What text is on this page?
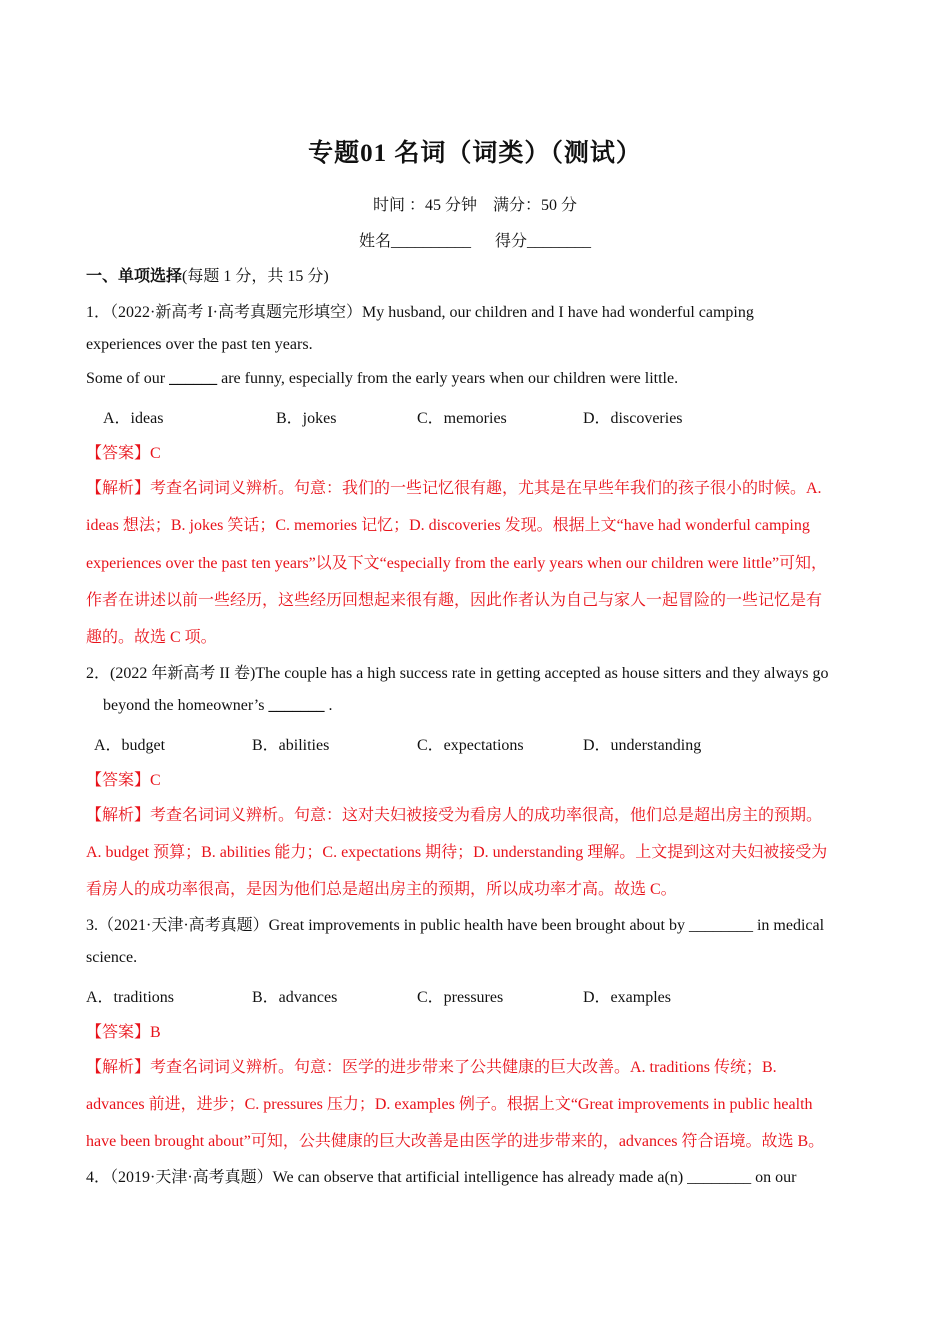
专题01 名词（词类）（测试）
时间 ：45 分钟　满分：50 分
姓名__________ 得分________
一、单项选择(每题 1 分，共 15 分)
1．（2022·新高考 I·高考真题完形填空）My husband, our children and I have had wonderful camping
experiences over the past ten years.
Some of our ______ are funny, especially from the early years when our children were little.
A．ideas	B．jokes	C．memories	D．discoveries
【答案】C
【解析】考查名词词义辨析。句意：我们的一些记忆很有趣，尤其是在早些年我们的孩子很小的时候。A.
ideas 想法；B. jokes 笑话；C. memories 记忆；D. discoveries 发现。根据上文“have had wonderful camping
experiences over the past ten years”以及下文“especially from the early years when our children were little”可知，
作者在讲述以前一些经历，这些经历回想起来很有趣，因此作者认为自己与家人一起冒险的一些记忆是有
趣的。故选 C 项。
2．(2022 年新高考 II 卷)The couple has a high success rate in getting accepted as house sitters and they always go
beyond the homeowner’s _______ .
A．budget	B．abilities	C．expectations	D．understanding
【答案】C
【解析】考查名词词义辨析。句意：这对夫妇被接受为看房人的成功率很高，他们总是超出房主的预期。
A. budget 预算；B. abilities 能力；C. expectations 期待；D. understanding 理解。上文提到这对夫妇被接受为
看房人的成功率很高，是因为他们总是超出房主的预期，所以成功率才高。故选 C。
3.（2021·天津·高考真题）Great improvements in public health have been brought about by ________ in medical
science.
A．traditions	B．advances	C．pressures	D．examples
【答案】B
【解析】考查名词词义辨析。句意：医学的进步带来了公共健康的巨大改善。A. traditions 传统；B.
advances 前进，进步；C. pressures 压力；D. examples 例子。根据上文“Great improvements in public health
have been brought about”可知，公共健康的巨大改善是由医学的进步带来的，advances 符合语境。故选 B。
4．（2019·天津·高考真题）We can observe that artificial intelligence has already made a(n) ________ on our
